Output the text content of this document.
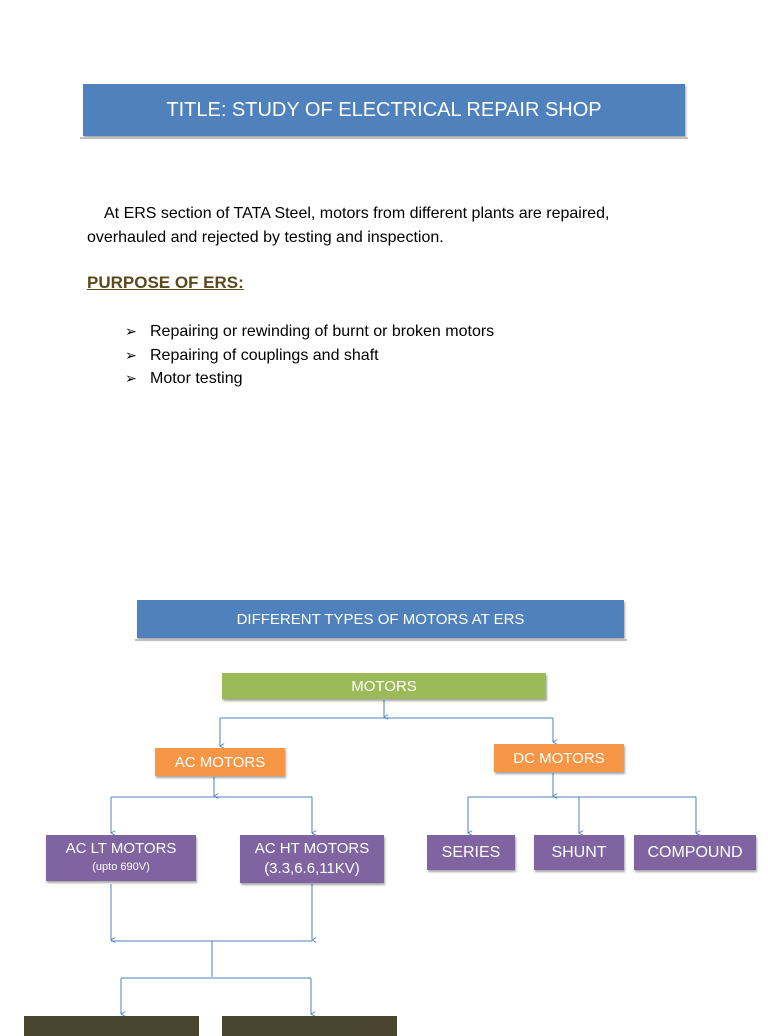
TITLE: STUDY OF ELECTRICAL REPAIR SHOP
At ERS section of TATA Steel, motors from different plants are repaired,
overhauled and rejected by testing and inspection.
PURPOSE OF ERS:
➢ Repairing or rewinding of burnt or broken motors
➢ Repairing of couplings and shaft
➢ Motor testing
DIFFERENT TYPES OF MOTORS AT ERS
MOTORS
AC MOTORS	DC MOTORS
AC LT MOTORS
(upto 690V)
AC HT MOTORS
(3.3,6.6,11KV)
SERIES	SHUNT	COMPOUND
